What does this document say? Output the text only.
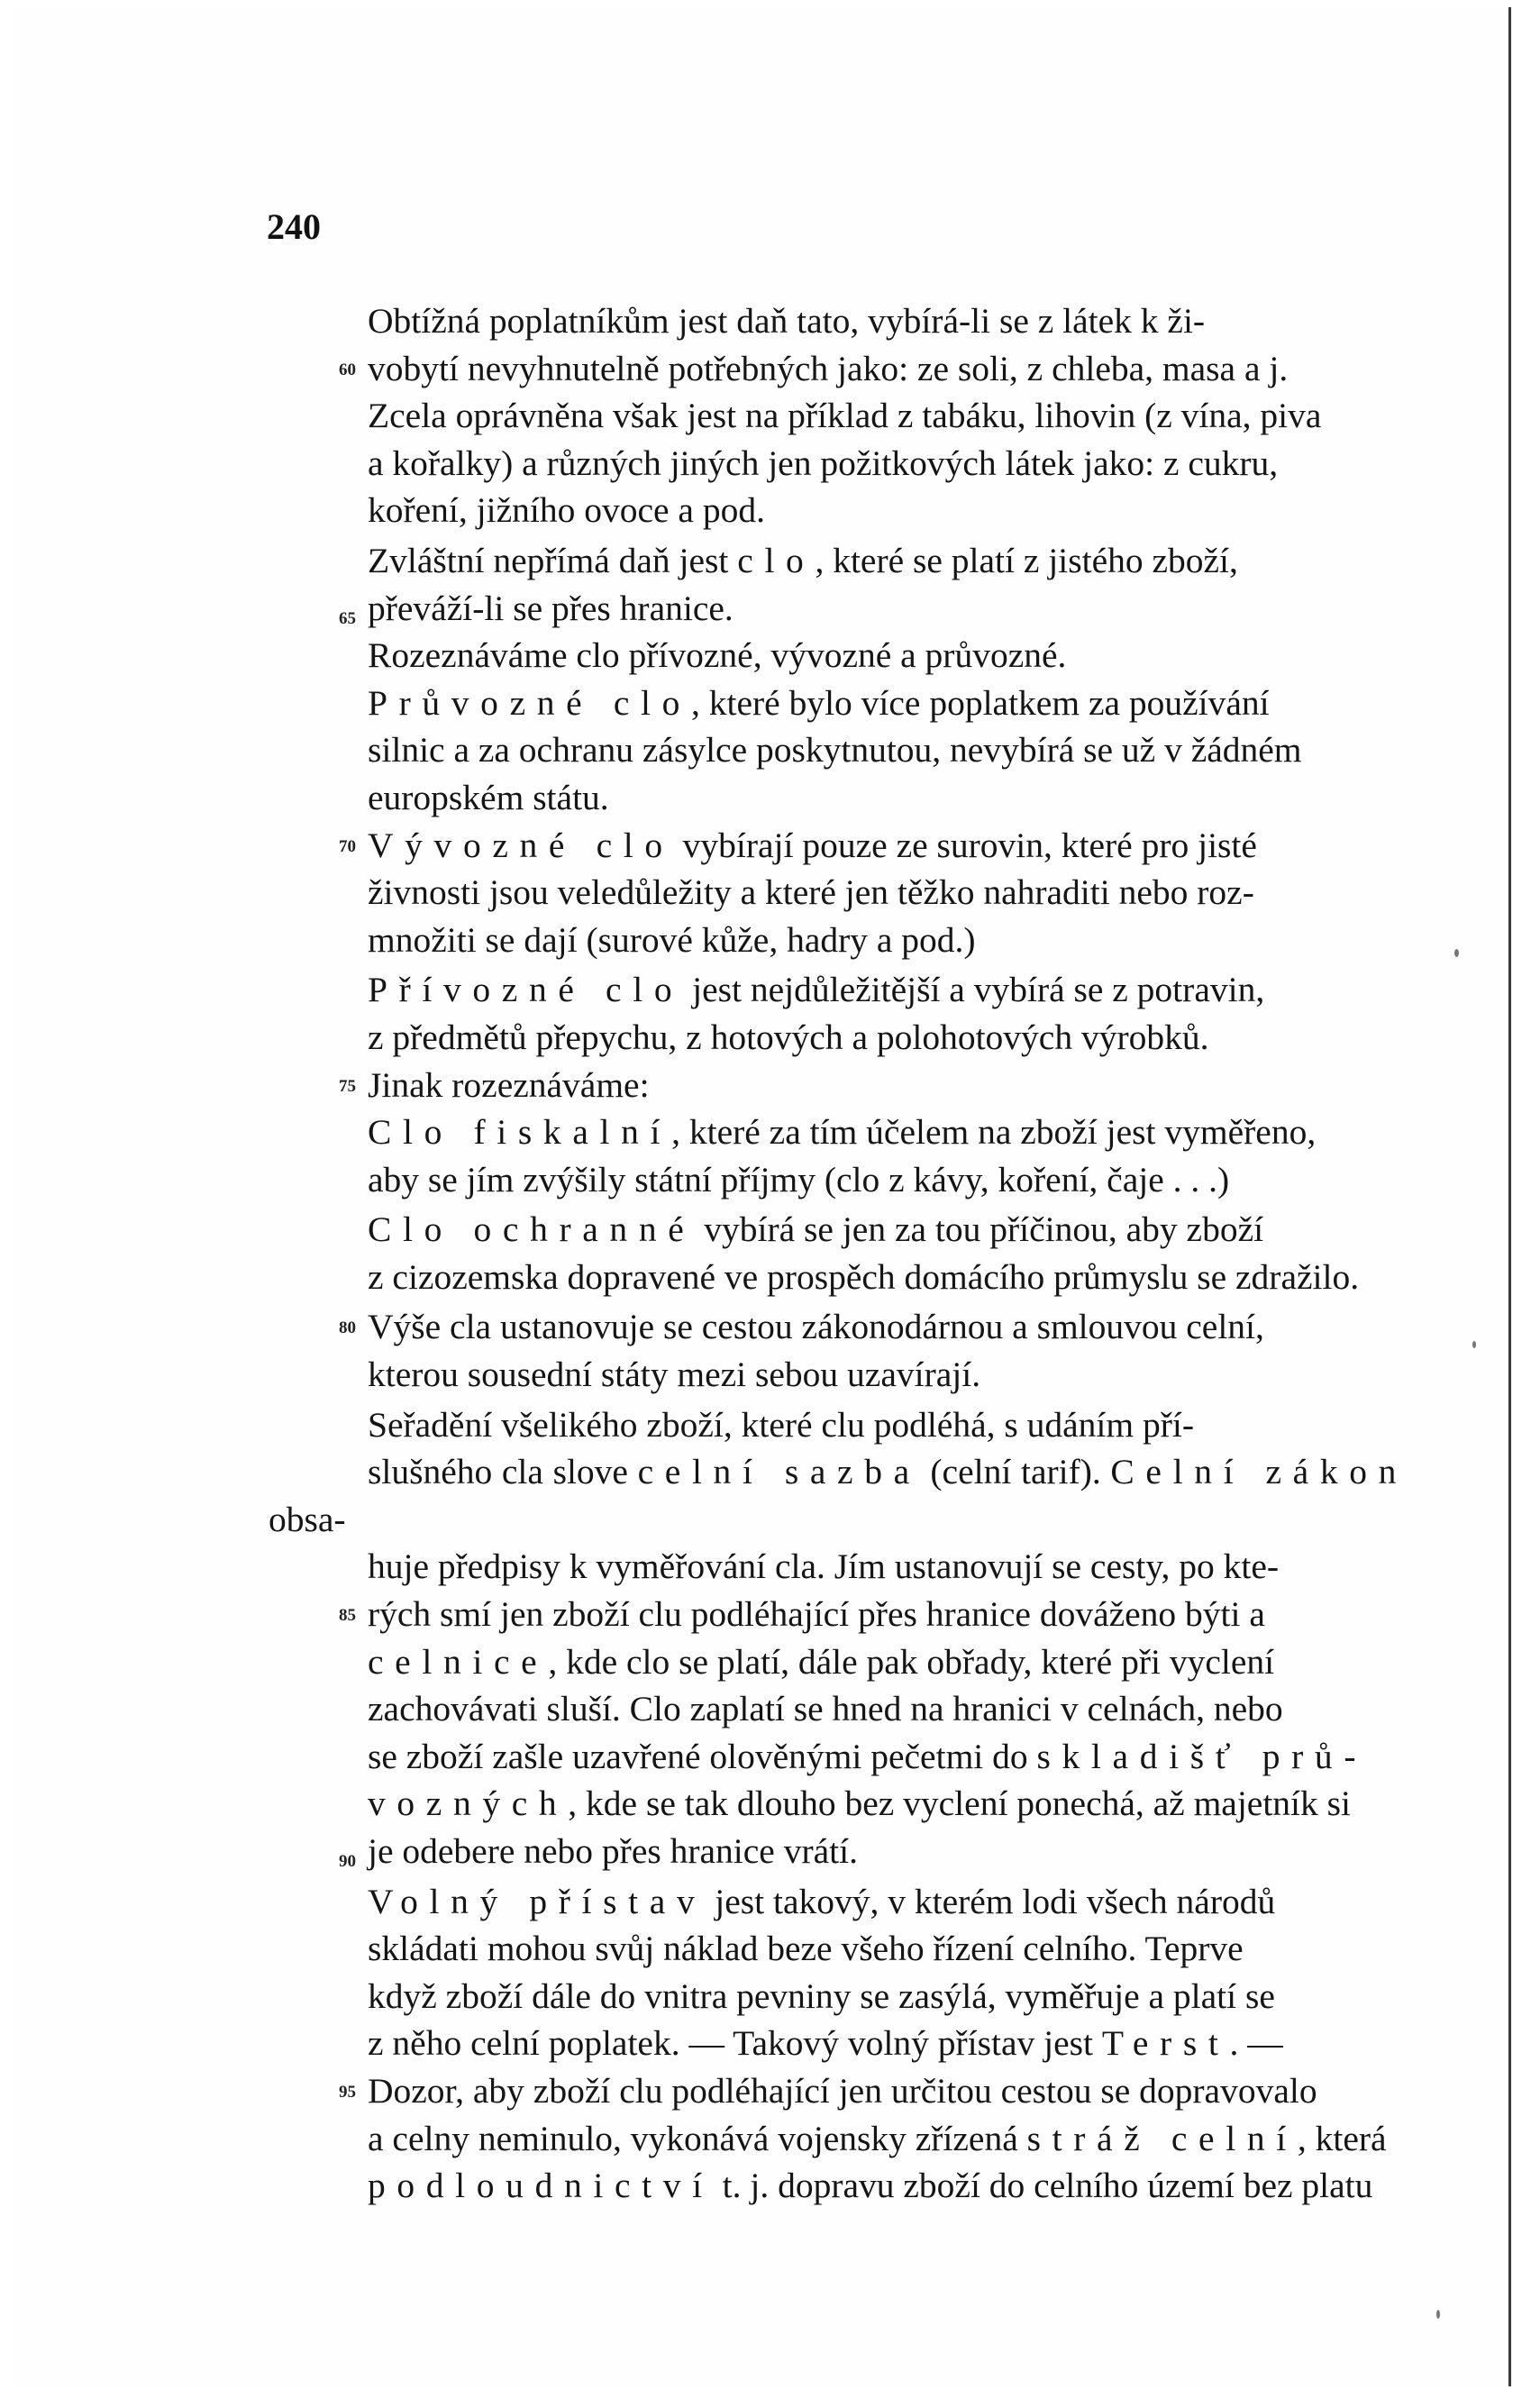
240

Obtížná poplatníkům jest daň tato, vybírá-li se z látek k ži-
60 vobytí nevyhnutelně potřebných jako: ze soli, z chleba, masa a j.
Zcela oprávněna však jest na příklad z tabáku, lihovin (z vína, piva
a kořalky) a různých jiných jen požitkových látek jako: z cukru,
koření, jižního ovoce a pod.

Zvláštní nepřímá daň jest clo, které se platí z jistého zboží,
65 převáží-li se přes hranice.

Rozeznáváme clo přívozné, vývozné a průvozné.

Průvozné clo, které bylo více poplatkem za používání
silnic a za ochranu zásylce poskytnutou, nevybírá se už v žádném
europském státu.

70 Vývozné clo vybírají pouze ze surovin, které pro jisté
živnosti jsou veledůležity a které jen těžko nahraditi nebo roz-
množiti se dají (surové kůže, hadry a pod.)

Přívozné clo jest nejdůležitější a vybírá se z potravin,
z předmětů přepychu, z hotových a polohotových výrobků.

75 Jinak rozeznáváme:

Clo fiskalní, které za tím účelem na zboží jest vyměřeno,
aby se jím zvýšily státní příjmy (clo z kávy, koření, čaje . . .)

Clo ochranné vybírá se jen za tou příčinou, aby zboží
z cizozemska dopravené ve prospěch domácího průmyslu se zdražilo.

80 Výše cla ustanovuje se cestou zákonodárnou a smlouvou celní,
kterou sousední státy mezi sebou uzavírají.

Seřadění všelikého zboží, které clu podléhá, s udáním pří-
slušného cla slove celní sazba (celní tarif). Celní zákon obsa-
huje předpisy k vyměřování cla. Jím ustanovují se cesty, po kte-
85 rých smí jen zboží clu podléhající přes hranice dováženo býti a
celnice, kde clo se platí, dále pak obřady, které při vyclení
zachovávati sluší. Clo zaplatí se hned na hranici v celnách, nebo
se zboží zašle uzavřené olověnými pečetmi do skladišť prů-
vozných, kde se tak dlouho bez vyclení ponechá, až majetník si
90 je odebere nebo přes hranice vrátí.

Volný přístav jest takový, v kterém lodi všech národů
skládati mohou svůj náklad beze všeho řízení celního. Teprve
když zboží dále do vnitra pevniny se zasýlá, vyměřuje a platí se
z něho celní poplatek. — Takový volný přístav jest Terst. —
95 Dozor, aby zboží clu podléhající jen určitou cestou se dopravovalo
a celny neminulo, vykonává vojensky zřízená stráž celní, která
podloudnictví t. j. dopravu zboží do celního území bez platu
